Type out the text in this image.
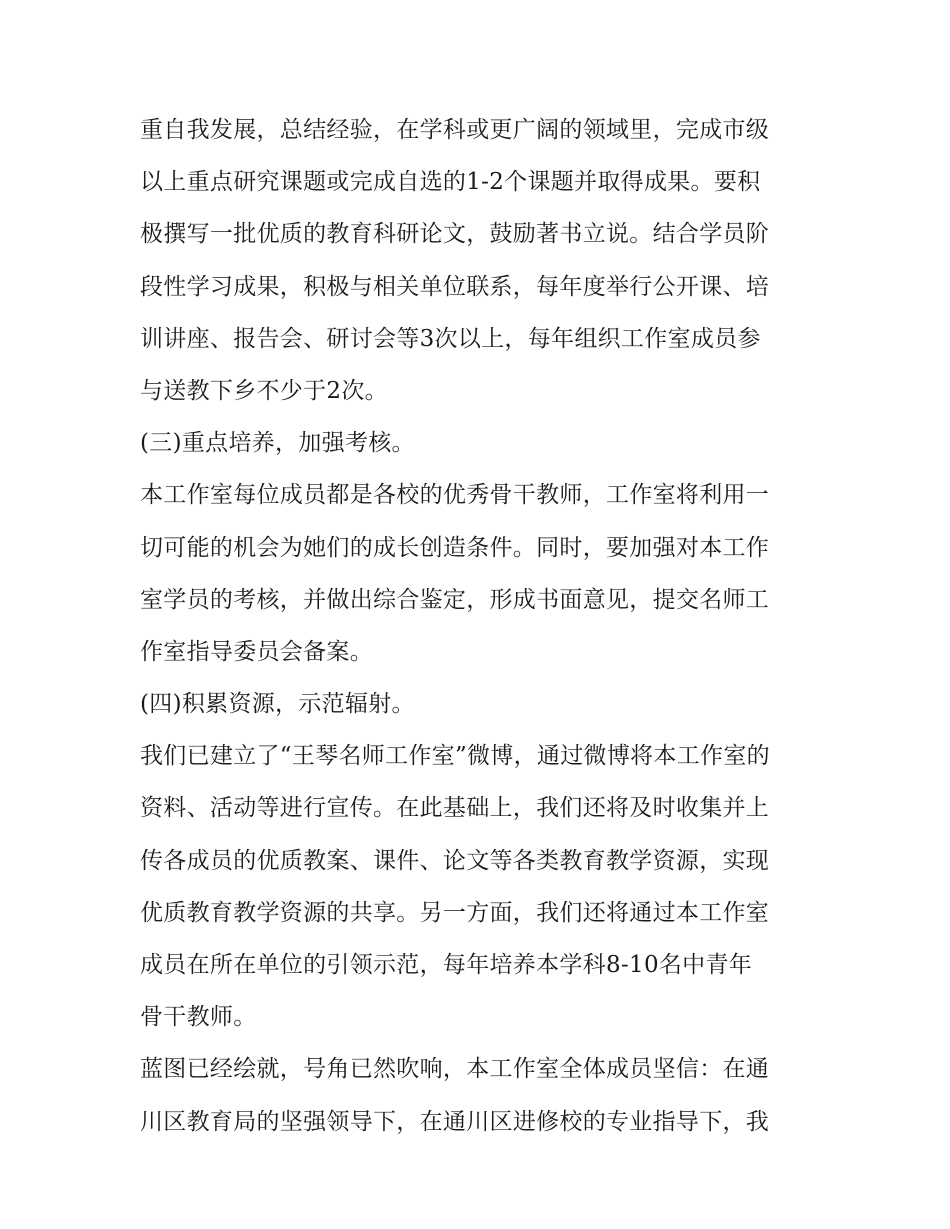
重自我发展，总结经验，在学科或更广阔的领域里，完成市级
以上重点研究课题或完成自选的1-2个课题并取得成果。要积
极撰写一批优质的教育科研论文，鼓励著书立说。结合学员阶
段性学习成果，积极与相关单位联系，每年度举行公开课、培
训讲座、报告会、研讨会等3次以上，每年组织工作室成员参
与送教下乡不少于2次。
(三)重点培养，加强考核。
本工作室每位成员都是各校的优秀骨干教师，工作室将利用一
切可能的机会为她们的成长创造条件。同时，要加强对本工作
室学员的考核，并做出综合鉴定，形成书面意见，提交名师工
作室指导委员会备案。
(四)积累资源，示范辐射。
我们已建立了“王琴名师工作室”微博，通过微博将本工作室的
资料、活动等进行宣传。在此基础上，我们还将及时收集并上
传各成员的优质教案、课件、论文等各类教育教学资源，实现
优质教育教学资源的共享。另一方面，我们还将通过本工作室
成员在所在单位的引领示范，每年培养本学科8-10名中青年
骨干教师。
蓝图已经绘就，号角已然吹响，本工作室全体成员坚信：在通
川区教育局的坚强领导下，在通川区进修校的专业指导下，我
